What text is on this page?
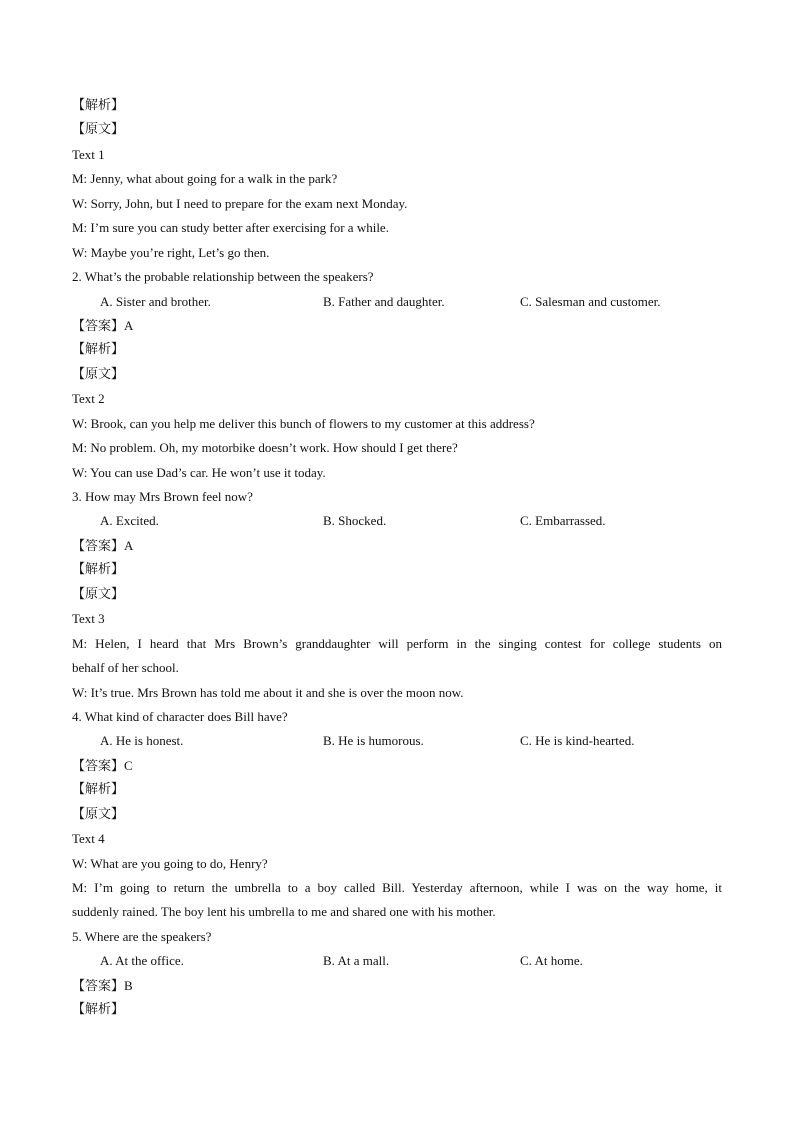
【解析】
【原文】
Text 1
M: Jenny, what about going for a walk in the park?
W: Sorry, John, but I need to prepare for the exam next Monday.
M: I’m sure you can study better after exercising for a while.
W: Maybe you’re right, Let’s go then.
2. What’s the probable relationship between the speakers?
A. Sister and brother.	B. Father and daughter.	C. Salesman and customer.
【答案】A
【解析】
【原文】
Text 2
W: Brook, can you help me deliver this bunch of flowers to my customer at this address?
M: No problem. Oh, my motorbike doesn’t work. How should I get there?
W: You can use Dad’s car. He won’t use it today.
3. How may Mrs Brown feel now?
A. Excited.	B. Shocked.	C. Embarrassed.
【答案】A
【解析】
【原文】
Text 3
M: Helen, I heard that Mrs Brown’s granddaughter will perform in the singing contest for college students on
behalf of her school.
W: It’s true. Mrs Brown has told me about it and she is over the moon now.
4. What kind of character does Bill have?
A. He is honest.	B. He is humorous.	C. He is kind-hearted.
【答案】C
【解析】
【原文】
Text 4
W: What are you going to do, Henry?
M: I’m going to return the umbrella to a boy called Bill. Yesterday afternoon, while I was on the way home, it
suddenly rained. The boy lent his umbrella to me and shared one with his mother.
5. Where are the speakers?
A. At the office.	B. At a mall.	C. At home.
【答案】B
【解析】
